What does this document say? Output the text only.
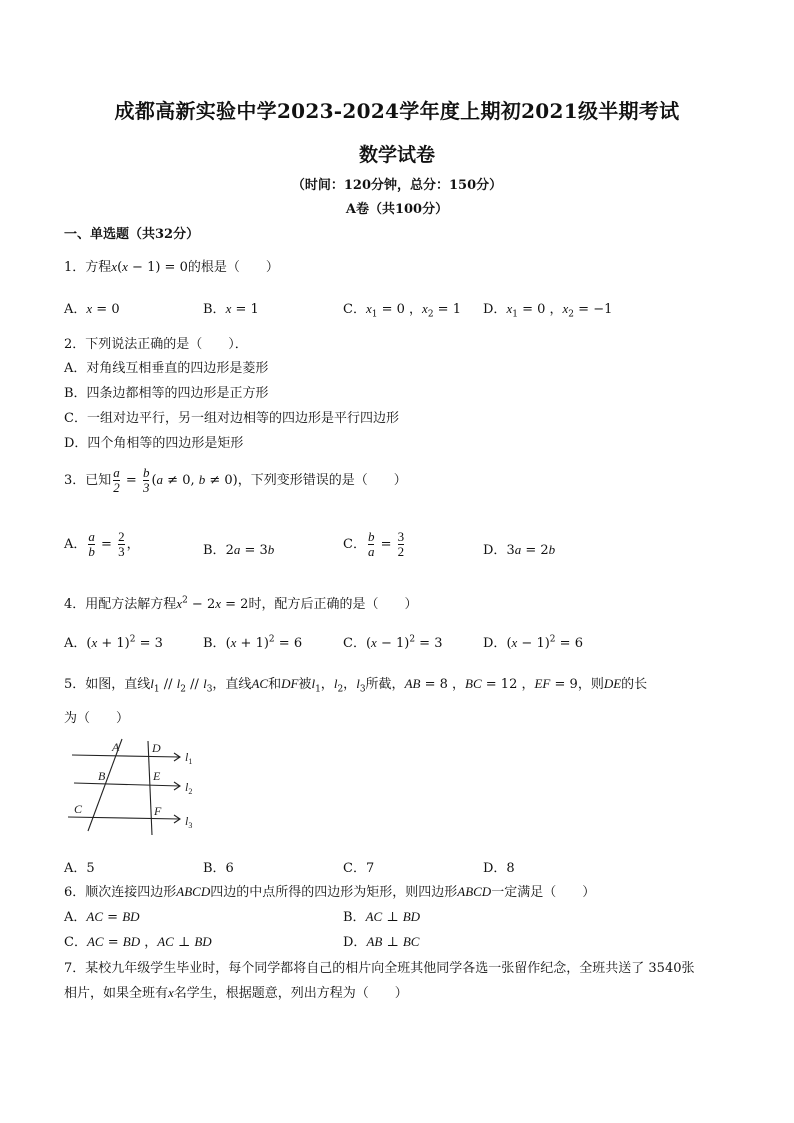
成都高新实验中学2023-2024学年度上期初2021级半期考试
数学试卷
（时间：120分钟，总分：150分）
A卷（共100分）
一、单选题（共32分）
1．方程x(x − 1) = 0的根是（　　）
A．x = 0	B．x = 1	C．$x_1 = 0$ ，$x_2 = 1$ D．$x_1 = 0$ ，$x_2 = -1$
2．下列说法正确的是（　　）．
A．对角线互相垂直的四边形是菱形
B．四条边都相等的四边形是正方形
C．一组对边平行，另一组对边相等的四边形是平行四边形
D．四个角相等的四边形是矩形
3．已知 $\frac{a}{2} = \frac{b}{3} (a \ne 0$, b ≠ 0)，下列变形错误的是（　　）
A． $\frac{a}{b} = \frac{2}{3}$ ，	B．2a = 3b	C． $\frac{b}{a} = \frac{3}{2}$	D．3a = 2b
4．用配方法解方程$x^2 - 2x = 2$时，配方后正确的是（　　）
A．$(x + 1)^2 = 3$	B．$(x + 1)^2 = 6$	C．$(x - 1)^2 = 3$	D．$(x - 1)^2 = 6$
5．如图，直线$l_1 // l_2 // l_3$，直线AC和DF被$l_1$，$l_2$，$l_3$所截，AB = 8 ，BC = 12 ，EF = 9，则DE的长
为（　　）
A
B
C
D
E
F
$l_1$
$l_2$
$l_3$
A．5	B．6	C．7	D．8
6．顺次连接四边形ABCD四边的中点所得的四边形为矩形，则四边形ABCD一定满足（　　）
A．AC = BD	B．AC ⊥ BD
C．AC = BD ，AC ⊥ BD	D．AB ⊥ BC
7．某校九年级学生毕业时，每个同学都将自己的相片向全班其他同学各选一张留作纪念，全班共送了 3540张
相片，如果全班有x名学生，根据题意，列出方程为（　　）
